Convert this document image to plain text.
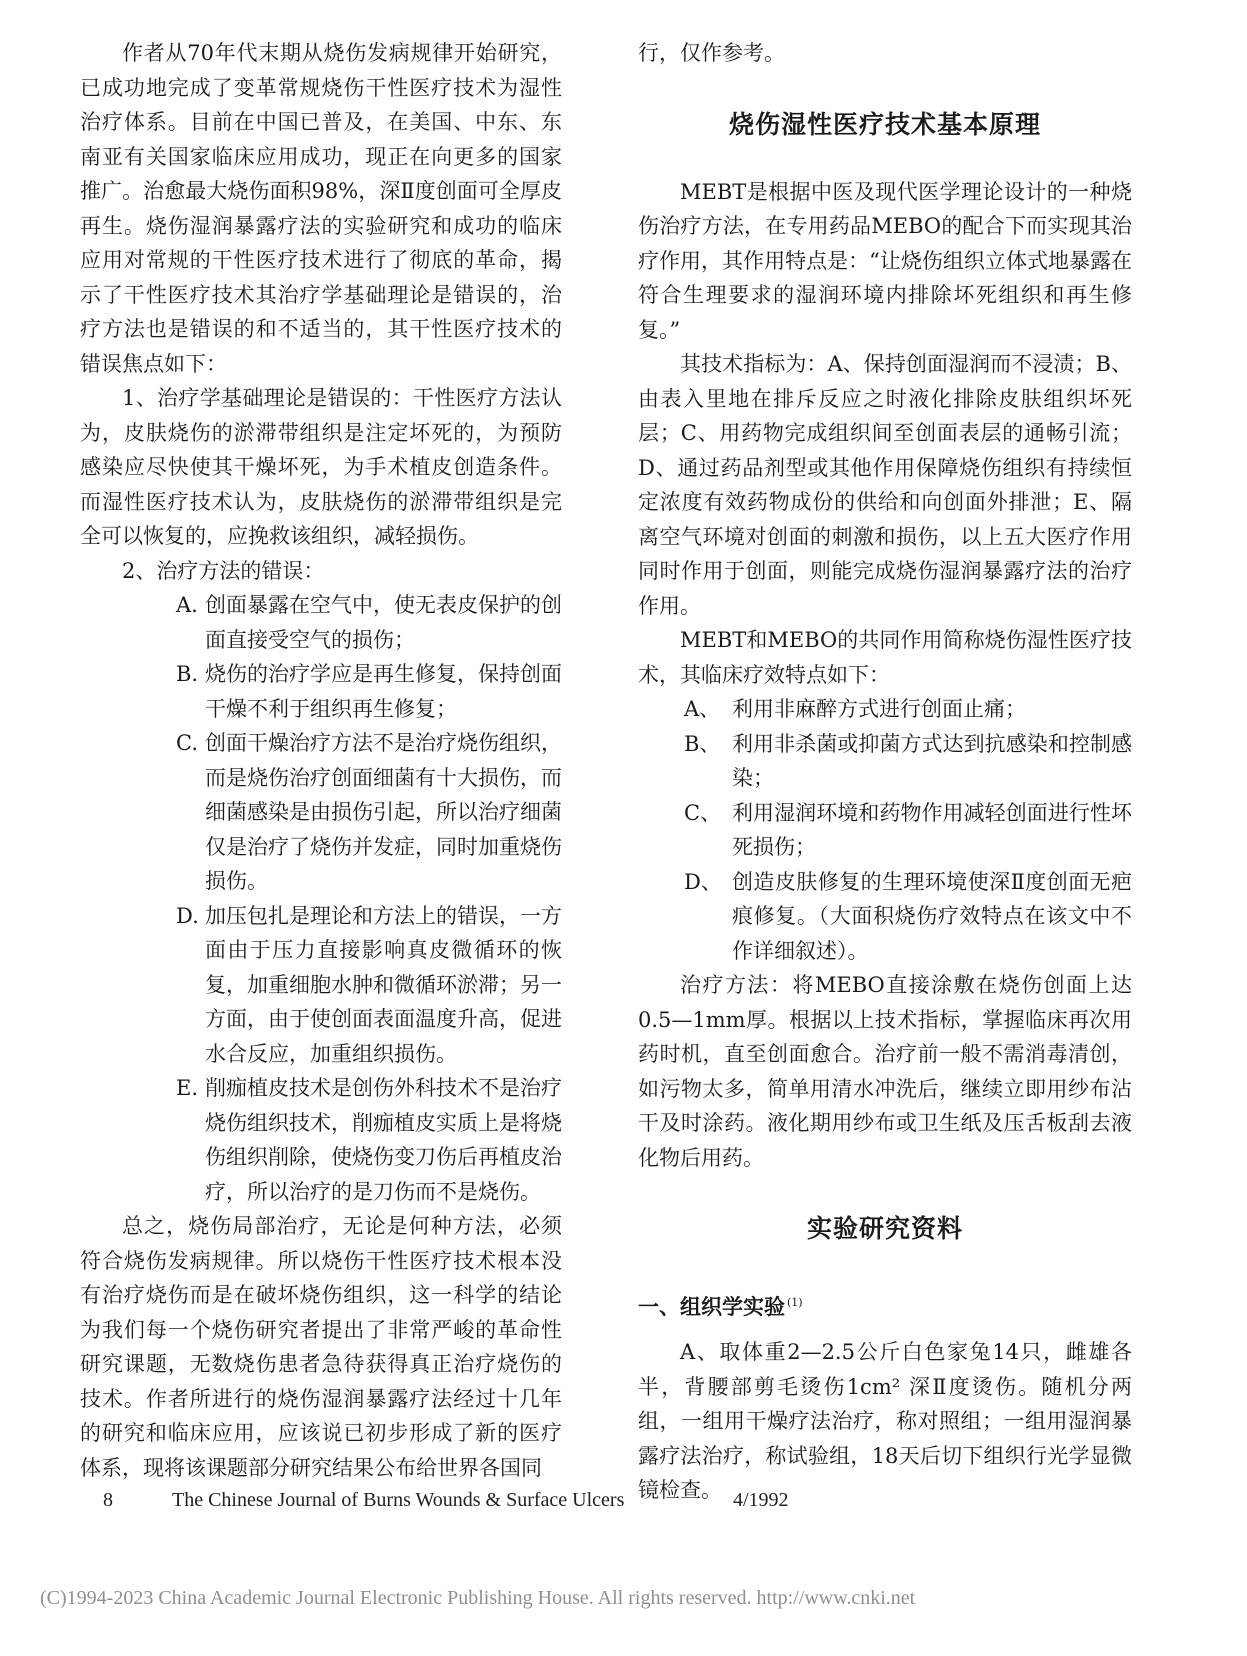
作者从70年代末期从烧伤发病规律开始研究，已成功地完成了变革常规烧伤干性医疗技术为湿性治疗体系。目前在中国已普及，在美国、中东、东南亚有关国家临床应用成功，现正在向更多的国家推广。治愈最大烧伤面积98%，深Ⅱ度创面可全厚皮再生。烧伤湿润暴露疗法的实验研究和成功的临床应用对常规的干性医疗技术进行了彻底的革命，揭示了干性医疗技术其治疗学基础理论是错误的，治疗方法也是错误的和不适当的，其干性医疗技术的错误焦点如下：

1、治疗学基础理论是错误的：干性医疗方法认为，皮肤烧伤的淤滞带组织是注定坏死的，为预防感染应尽快使其干燥坏死，为手术植皮创造条件。而湿性医疗技术认为，皮肤烧伤的淤滞带组织是完全可以恢复的，应挽救该组织，减轻损伤。

2、治疗方法的错误：

A. 创面暴露在空气中，使无表皮保护的创面直接受空气的损伤；
B. 烧伤的治疗学应是再生修复，保持创面干燥不利于组织再生修复；
C. 创面干燥治疗方法不是治疗烧伤组织，而是烧伤治疗创面细菌有十大损伤，而细菌感染是由损伤引起，所以治疗细菌仅是治疗了烧伤并发症，同时加重烧伤损伤。
D. 加压包扎是理论和方法上的错误，一方面由于压力直接影响真皮微循环的恢复，加重细胞水肿和微循环淤滞；另一方面，由于使创面表面温度升高，促进水合反应，加重组织损伤。
E. 削痂植皮技术是创伤外科技术不是治疗烧伤组织技术，削痂植皮实质上是将烧伤组织削除，使烧伤变刀伤后再植皮治疗，所以治疗的是刀伤而不是烧伤。

总之，烧伤局部治疗，无论是何种方法，必须符合烧伤发病规律。所以烧伤干性医疗技术根本没有治疗烧伤而是在破坏烧伤组织，这一科学的结论为我们每一个烧伤研究者提出了非常严峻的革命性研究课题，无数烧伤患者急待获得真正治疗烧伤的技术。作者所进行的烧伤湿润暴露疗法经过十几年的研究和临床应用，应该说已初步形成了新的医疗体系，现将该课题部分研究结果公布给世界各国同

行，仅作参考。

烧伤湿性医疗技术基本原理

MEBT是根据中医及现代医学理论设计的一种烧伤治疗方法，在专用药品MEBO的配合下而实现其治疗作用，其作用特点是：“让烧伤组织立体式地暴露在符合生理要求的湿润环境内排除坏死组织和再生修复。”

其技术指标为：A、保持创面湿润而不浸渍；B、由表入里地在排斥反应之时液化排除皮肤组织坏死层；C、用药物完成组织间至创面表层的通畅引流；D、通过药品剂型或其他作用保障烧伤组织有持续恒定浓度有效药物成份的供给和向创面外排泄；E、隔离空气环境对创面的刺激和损伤，以上五大医疗作用同时作用于创面，则能完成烧伤湿润暴露疗法的治疗作用。

MEBT和MEBO的共同作用简称烧伤湿性医疗技术，其临床疗效特点如下：

A、 利用非麻醉方式进行创面止痛；
B、 利用非杀菌或抑菌方式达到抗感染和控制感染；
C、 利用湿润环境和药物作用减轻创面进行性坏死损伤；
D、 创造皮肤修复的生理环境使深Ⅱ度创面无疤痕修复。（大面积烧伤疗效特点在该文中不作详细叙述）。

治疗方法：将MEBO直接涂敷在烧伤创面上达0.5—1mm厚。根据以上技术指标，掌握临床再次用药时机，直至创面愈合。治疗前一般不需消毒清创，如污物太多，简单用清水冲洗后，继续立即用纱布沾干及时涂药。液化期用纱布或卫生纸及压舌板刮去液化物后用药。

实验研究资料

一、组织学实验 $^{(1)}$

A、取体重2—2.5公斤白色家兔14只，雌雄各半，背腰部剪毛烫伤1cm² 深Ⅱ度烫伤。随机分两组，一组用干燥疗法治疗，称对照组；一组用湿润暴露疗法治疗，称试验组，18天后切下组织行光学显微镜检查。

8	The Chinese Journal of Burns Wounds & Surface Ulcers	4/1992
(C)1994-2023 China Academic Journal Electronic Publishing House. All rights reserved. http://www.cnki.net
